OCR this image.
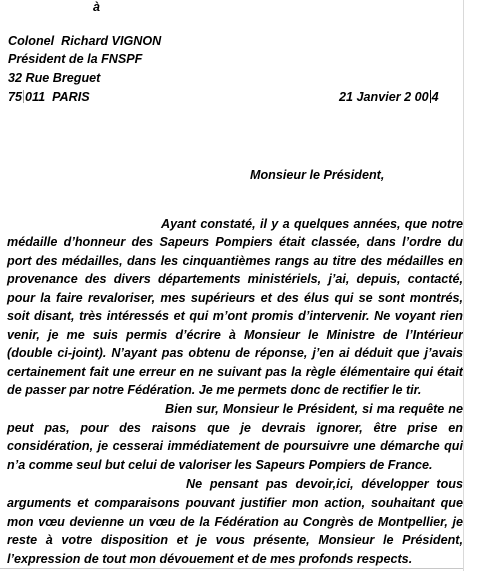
à
Colonel  Richard VIGNON
Président de la FNSPF
32 Rue Breguet
75 011  PARIS	21 Janvier 2 00 4
Monsieur le Président,
Ayant constaté, il y a quelques années, que notre
médaille d’honneur des Sapeurs Pompiers était classée, dans l’ordre du
port des médailles, dans les cinquantièmes rangs au titre des médailles en
provenance des divers départements ministériels, j’ai, depuis, contacté,
pour la faire revaloriser, mes supérieurs et des élus qui se sont montrés,
soit disant, très intéressés et qui m’ont promis d’intervenir. Ne voyant rien
venir, je me suis permis d’écrire à Monsieur le Ministre de l’Intérieur
(double ci-joint). N’ayant pas obtenu de réponse, j’en ai déduit que j’avais
certainement fait une erreur en ne suivant pas la règle élémentaire qui était
de passer par notre Fédération. Je me permets donc de rectifier le tir.
Bien sur, Monsieur le Président, si ma requête ne
peut pas, pour des raisons que je devrais ignorer, être prise en
considération, je cesserai immédiatement de poursuivre une démarche qui
n’a comme seul but celui de valoriser les Sapeurs Pompiers de France.
Ne pensant pas devoir,ici, développer tous
arguments et comparaisons pouvant justifier mon action, souhaitant que
mon vœu devienne un vœu de la Fédération au Congrès de Montpellier, je
reste à votre disposition et je vous présente, Monsieur le Président,
l’expression de tout mon dévouement et de mes profonds respects.
